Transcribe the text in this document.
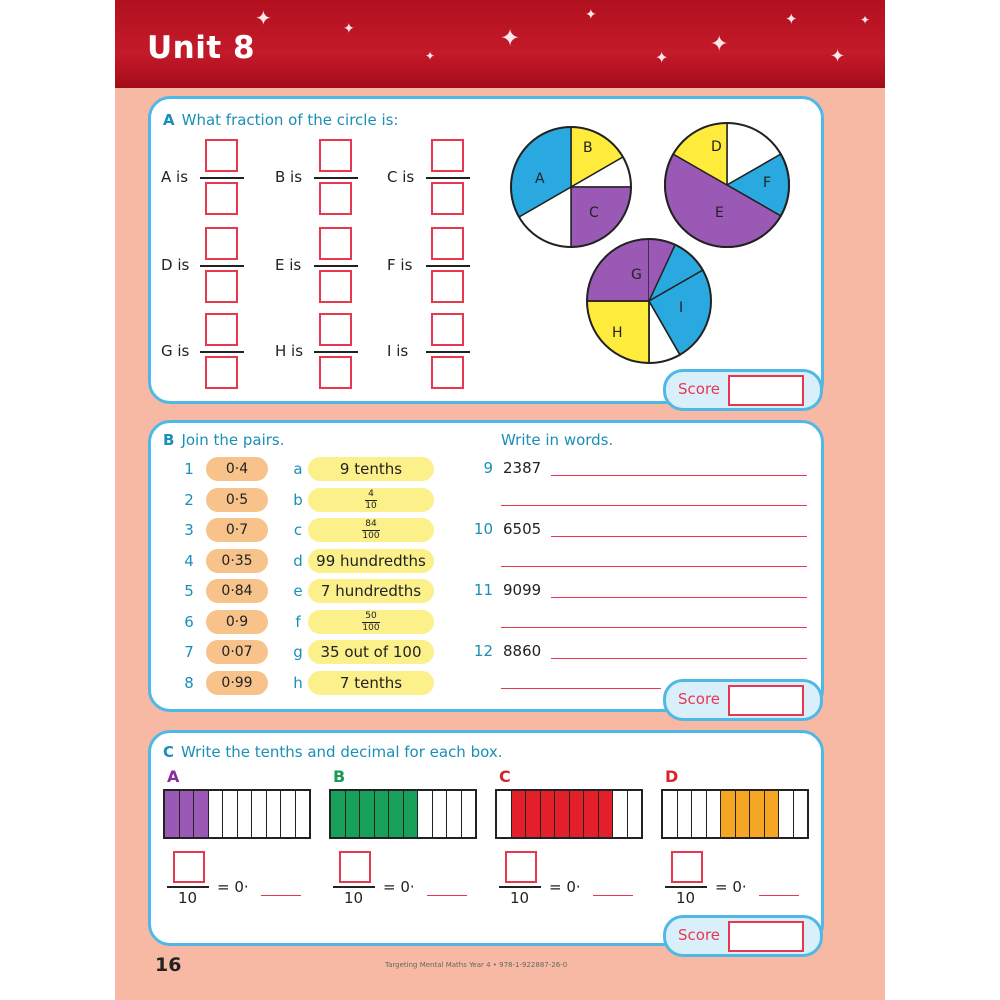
✦	✦
✦
✦
✦
✦
✦
✦
✦
✦
Unit 8
A What fraction of the circle is:
A is	B is	C is
D is	E is	F is
G is	H is	I is
A
B
C
D
E
F
G
H
I
Score
B Join the pairs.	Write in words.
1	0·4	a	9 tenths
2	0·5	b	$\frac{4}{10}$
3	0·7	c	$\frac{84}{100}$
4	0·35	d 99 hundredths
5	0·84	e	7 hundredths
6	0·9	f	$\frac{50}{100}$
7	0·07	g	35 out of 100
8	0·99	h	7 tenths
9 2387
10 6505
11 9099
12 8860
Score
C Write the tenths and decimal for each box.
A
10
= 0·
B
10
= 0·
C
10
= 0·
D
10
= 0·
Score
16	Targeting Mental Maths Year 4 • 978-1-922887-26-0
